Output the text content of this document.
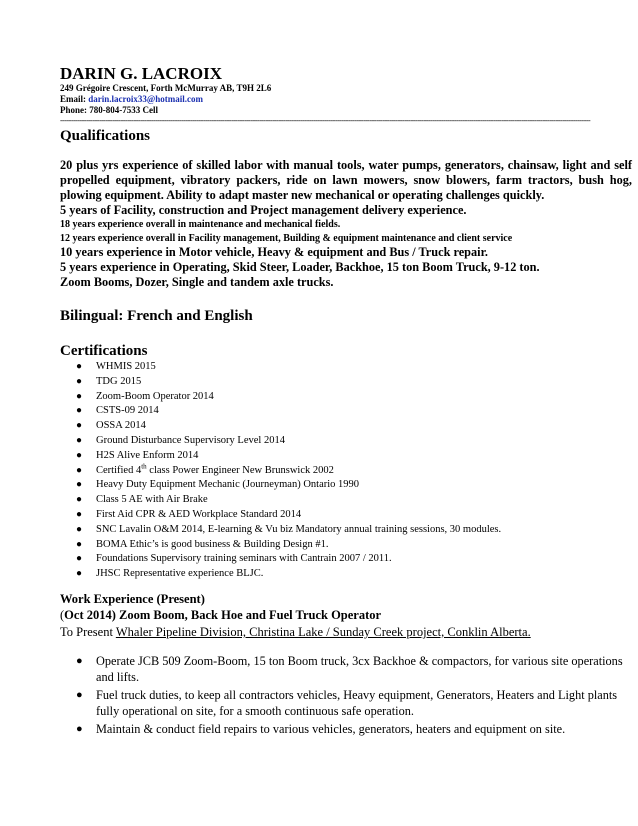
DARIN G. LACROIX
249 Grégoire Crescent, Forth McMurray AB, T9H 2L6
Email: darin.lacroix33@hotmail.com
Phone: 780-804-7533 Cell
-----------------------------------------------------------------------------------------------------------------------------------------------------------------------------------------------------------------------------------------------------
Qualifications
20 plus yrs experience of skilled labor with manual tools, water pumps, generators, chainsaw, light and self propelled equipment, vibratory packers, ride on lawn mowers, snow blowers, farm tractors, bush hog, plowing equipment. Ability to adapt master new mechanical or operating challenges quickly.
5 years of Facility, construction and Project management delivery experience.
18 years experience overall in maintenance and mechanical fields.
12 years experience overall in Facility management, Building & equipment maintenance and client service
10 years experience in Motor vehicle, Heavy & equipment and Bus / Truck repair.
5 years experience in Operating, Skid Steer, Loader, Backhoe, 15 ton Boom Truck, 9-12 ton.
Zoom Booms, Dozer, Single and tandem axle trucks.
Bilingual: French and English
Certifications
● WHMIS 2015
● TDG 2015
● Zoom-Boom Operator 2014
● CSTS-09 2014
● OSSA 2014
● Ground Disturbance Supervisory Level 2014
● H2S Alive Enform 2014
● Certified 4th class Power Engineer New Brunswick 2002
● Heavy Duty Equipment Mechanic (Journeyman) Ontario 1990
● Class 5 AE with Air Brake
● First Aid CPR & AED Workplace Standard 2014
● SNC Lavalin O&M 2014, E-learning & Vu biz Mandatory annual training sessions, 30 modules.
● BOMA Ethic’s is good business & Building Design #1.
● Foundations Supervisory training seminars with Cantrain 2007 / 2011.
● JHSC Representative experience BLJC.
Work Experience (Present)
(Oct 2014) Zoom Boom, Back Hoe and Fuel Truck Operator
To Present Whaler Pipeline Division, Christina Lake / Sunday Creek project, Conklin Alberta.
● Operate JCB 509 Zoom-Boom, 15 ton Boom truck, 3cx Backhoe & compactors, for various site operations and lifts.
● Fuel truck duties, to keep all contractors vehicles, Heavy equipment, Generators, Heaters and Light plants fully operational on site, for a smooth continuous safe operation.
● Maintain & conduct field repairs to various vehicles, generators, heaters and equipment on site.
